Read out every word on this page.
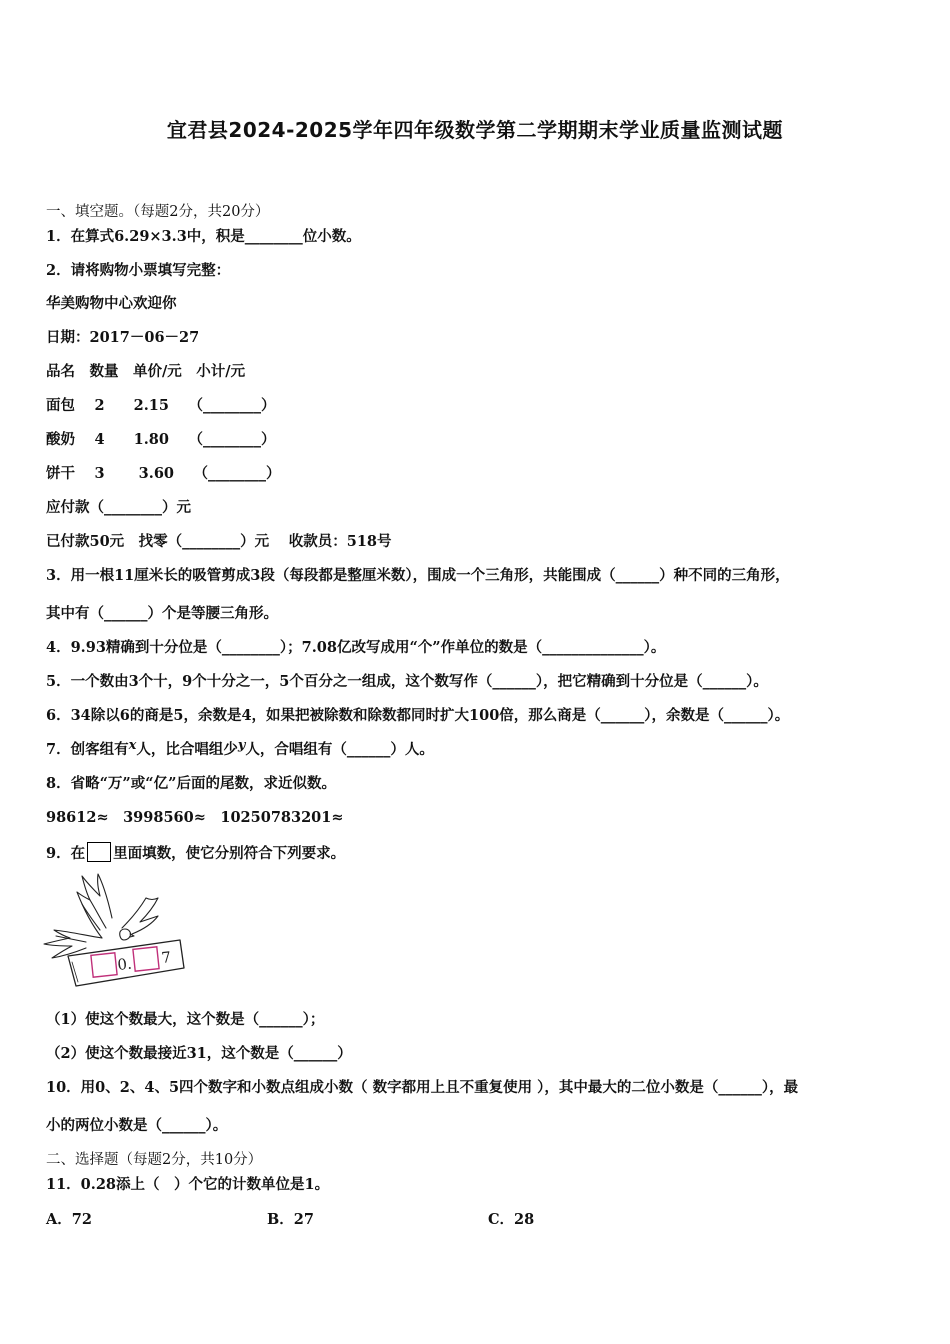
宜君县2024-2025学年四年级数学第二学期期末学业质量监测试题
一、填空题。（每题2分，共20分）
1．在算式6.29×3.3中，积是________位小数。
2．请将购物小票填写完整：
华美购物中心欢迎你
日期：2017－06－27
品名　数量　单价/元　小计/元
面包　 2　　2.15　 （________）
酸奶　 4　　1.80　 （________）
饼干　 3　　 3.60　 （________）
应付款（________）元
已付款50元　找零（________）元　 收款员：518号
3．用一根11厘米长的吸管剪成3段（每段都是整厘米数），围成一个三角形，共能围成（______）种不同的三角形，
其中有（______）个是等腰三角形。
4．9.93精确到十分位是（________）；7.08亿改写成用“个”作单位的数是（______________）。
5．一个数由3个十，9个十分之一，5个百分之一组成，这个数写作（______），把它精确到十分位是（______）。
6．34除以6的商是5，余数是4，如果把被除数和除数都同时扩大100倍，那么商是（______），余数是（______）。
7．创客组有x人，比合唱组少y人，合唱组有（______）人。
8．省略“万”或“亿”后面的尾数，求近似数。
98612≈　3998560≈　10250783201≈
9．在 里面填数，使它分别符合下列要求。
0. 7
（1）使这个数最大，这个数是（______）；
（2）使这个数最接近31，这个数是（______）
10．用0、2、4、5四个数字和小数点组成小数（ 数字都用上且不重复使用 ），其中最大的二位小数是（______），最
小的两位小数是（______）。
二、选择题（每题2分，共10分）
11．0.28添上（　）个它的计数单位是1。
A．72	B．27	C．28
